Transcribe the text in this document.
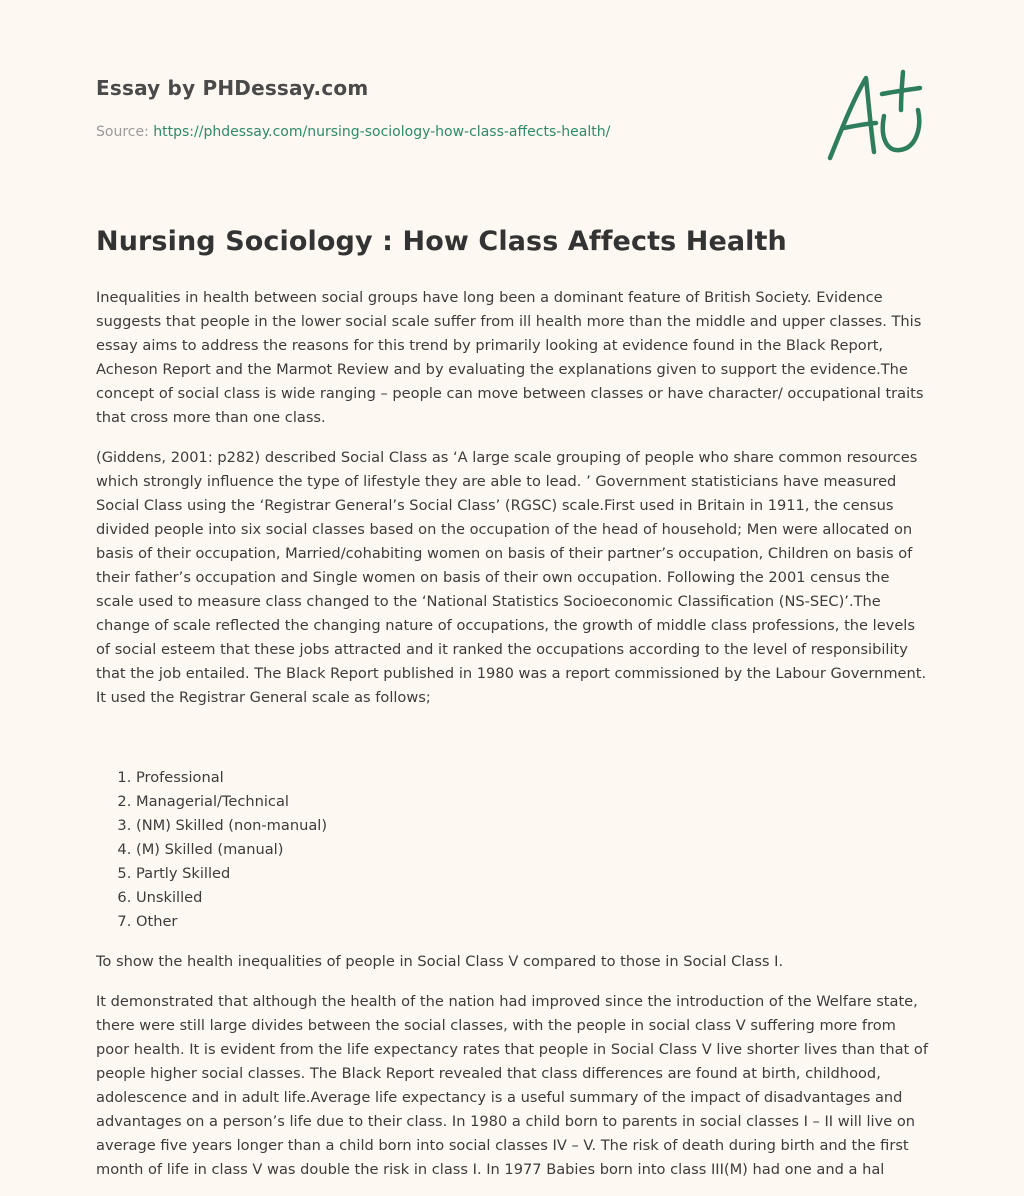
Essay by PHDessay.com
Source: https://phdessay.com/nursing-sociology-how-class-affects-health/
Nursing Sociology : How Class Affects Health

Inequalities in health between social groups have long been a dominant feature of British Society. Evidence suggests that people in the lower social scale suffer from ill health more than the middle and upper classes. This essay aims to address the reasons for this trend by primarily looking at evidence found in the Black Report, Acheson Report and the Marmot Review and by evaluating the explanations given to support the evidence.The concept of social class is wide ranging – people can move between classes or have character/ occupational traits that cross more than one class.

(Giddens, 2001: p282) described Social Class as ‘A large scale grouping of people who share common resources which strongly influence the type of lifestyle they are able to lead. ’ Government statisticians have measured Social Class using the ‘Registrar General’s Social Class’ (RGSC) scale.First used in Britain in 1911, the census divided people into six social classes based on the occupation of the head of household; Men were allocated on basis of their occupation, Married/cohabiting women on basis of their partner’s occupation, Children on basis of their father’s occupation and Single women on basis of their own occupation. Following the 2001 census the scale used to measure class changed to the ‘National Statistics Socioeconomic Classification (NS-SEC)’.The change of scale reflected the changing nature of occupations, the growth of middle class professions, the levels of social esteem that these jobs attracted and it ranked the occupations according to the level of responsibility that the job entailed. The Black Report published in 1980 was a report commissioned by the Labour Government. It used the Registrar General scale as follows;

1. Professional
2. Managerial/Technical
3. (NM) Skilled (non-manual)
4. (M) Skilled (manual)
5. Partly Skilled
6. Unskilled
7. Other

To show the health inequalities of people in Social Class V compared to those in Social Class I.

It demonstrated that although the health of the nation had improved since the introduction of the Welfare state, there were still large divides between the social classes, with the people in social class V suffering more from poor health. It is evident from the life expectancy rates that people in Social Class V live shorter lives than that of people higher social classes. The Black Report revealed that class differences are found at birth, childhood, adolescence and in adult life.Average life expectancy is a useful summary of the impact of disadvantages and advantages on a person’s life due to their class. In 1980 a child born to parents in social classes I – II will live on average five years longer than a child born into social classes IV – V. The risk of death during birth and the first month of life in class V was double the risk in class I. In 1977 Babies born into class III(M) had one and a hal
